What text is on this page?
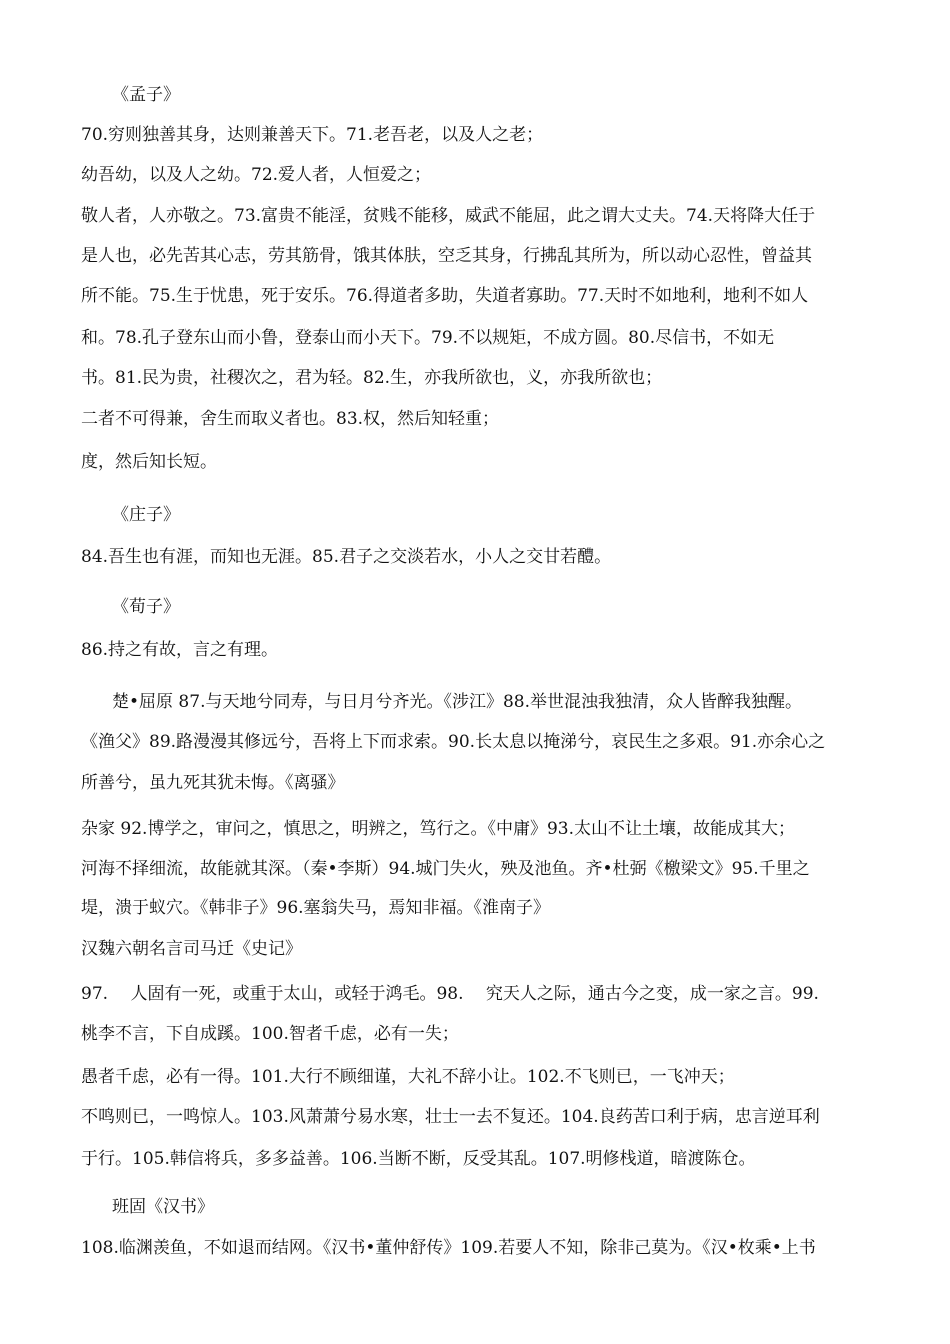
《孟子》
70.穷则独善其身，达则兼善天下。71.老吾老，以及人之老；
幼吾幼，以及人之幼。72.爱人者，人恒爱之；
敬人者，人亦敬之。73.富贵不能淫，贫贱不能移，威武不能屈，此之谓大丈夫。74.天将降大任于
是人也，必先苦其心志，劳其筋骨，饿其体肤，空乏其身，行拂乱其所为，所以动心忍性，曾益其
所不能。75.生于忧患，死于安乐。76.得道者多助，失道者寡助。77.天时不如地利，地利不如人
和。78.孔子登东山而小鲁，登泰山而小天下。79.不以规矩，不成方圆。80.尽信书，不如无
书。81.民为贵，社稷次之，君为轻。82.生，亦我所欲也，义，亦我所欲也；
二者不可得兼，舍生而取义者也。83.权，然后知轻重；
度，然后知长短。
《庄子》
84.吾生也有涯，而知也无涯。85.君子之交淡若水，小人之交甘若醴。
《荀子》
86.持之有故，言之有理。
楚•屈原 87.与天地兮同寿，与日月兮齐光。《涉江》88.举世混浊我独清，众人皆醉我独醒。
《渔父》89.路漫漫其修远兮，吾将上下而求索。90.长太息以掩涕兮，哀民生之多艰。91.亦余心之
所善兮，虽九死其犹未悔。《离骚》
杂家 92.博学之，审问之，慎思之，明辨之，笃行之。《中庸》93.太山不让土壤，故能成其大；
河海不择细流，故能就其深。（秦•李斯）94.城门失火，殃及池鱼。齐•杜弼《檄梁文》95.千里之
堤，溃于蚁穴。《韩非子》96.塞翁失马，焉知非福。《淮南子》
汉魏六朝名言司马迁《史记》
97.　 人固有一死，或重于太山，或轻于鸿毛。98.　 究天人之际，通古今之变，成一家之言。99.
桃李不言，下自成蹊。100.智者千虑，必有一失；
愚者千虑，必有一得。101.大行不顾细谨，大礼不辞小让。102.不飞则已，一飞冲天；
不鸣则已，一鸣惊人。103.风萧萧兮易水寒，壮士一去不复还。104.良药苦口利于病，忠言逆耳利
于行。105.韩信将兵，多多益善。106.当断不断，反受其乱。107.明修栈道，暗渡陈仓。
班固《汉书》
108.临渊羡鱼，不如退而结网。《汉书•董仲舒传》109.若要人不知，除非己莫为。《汉•枚乘•上书
